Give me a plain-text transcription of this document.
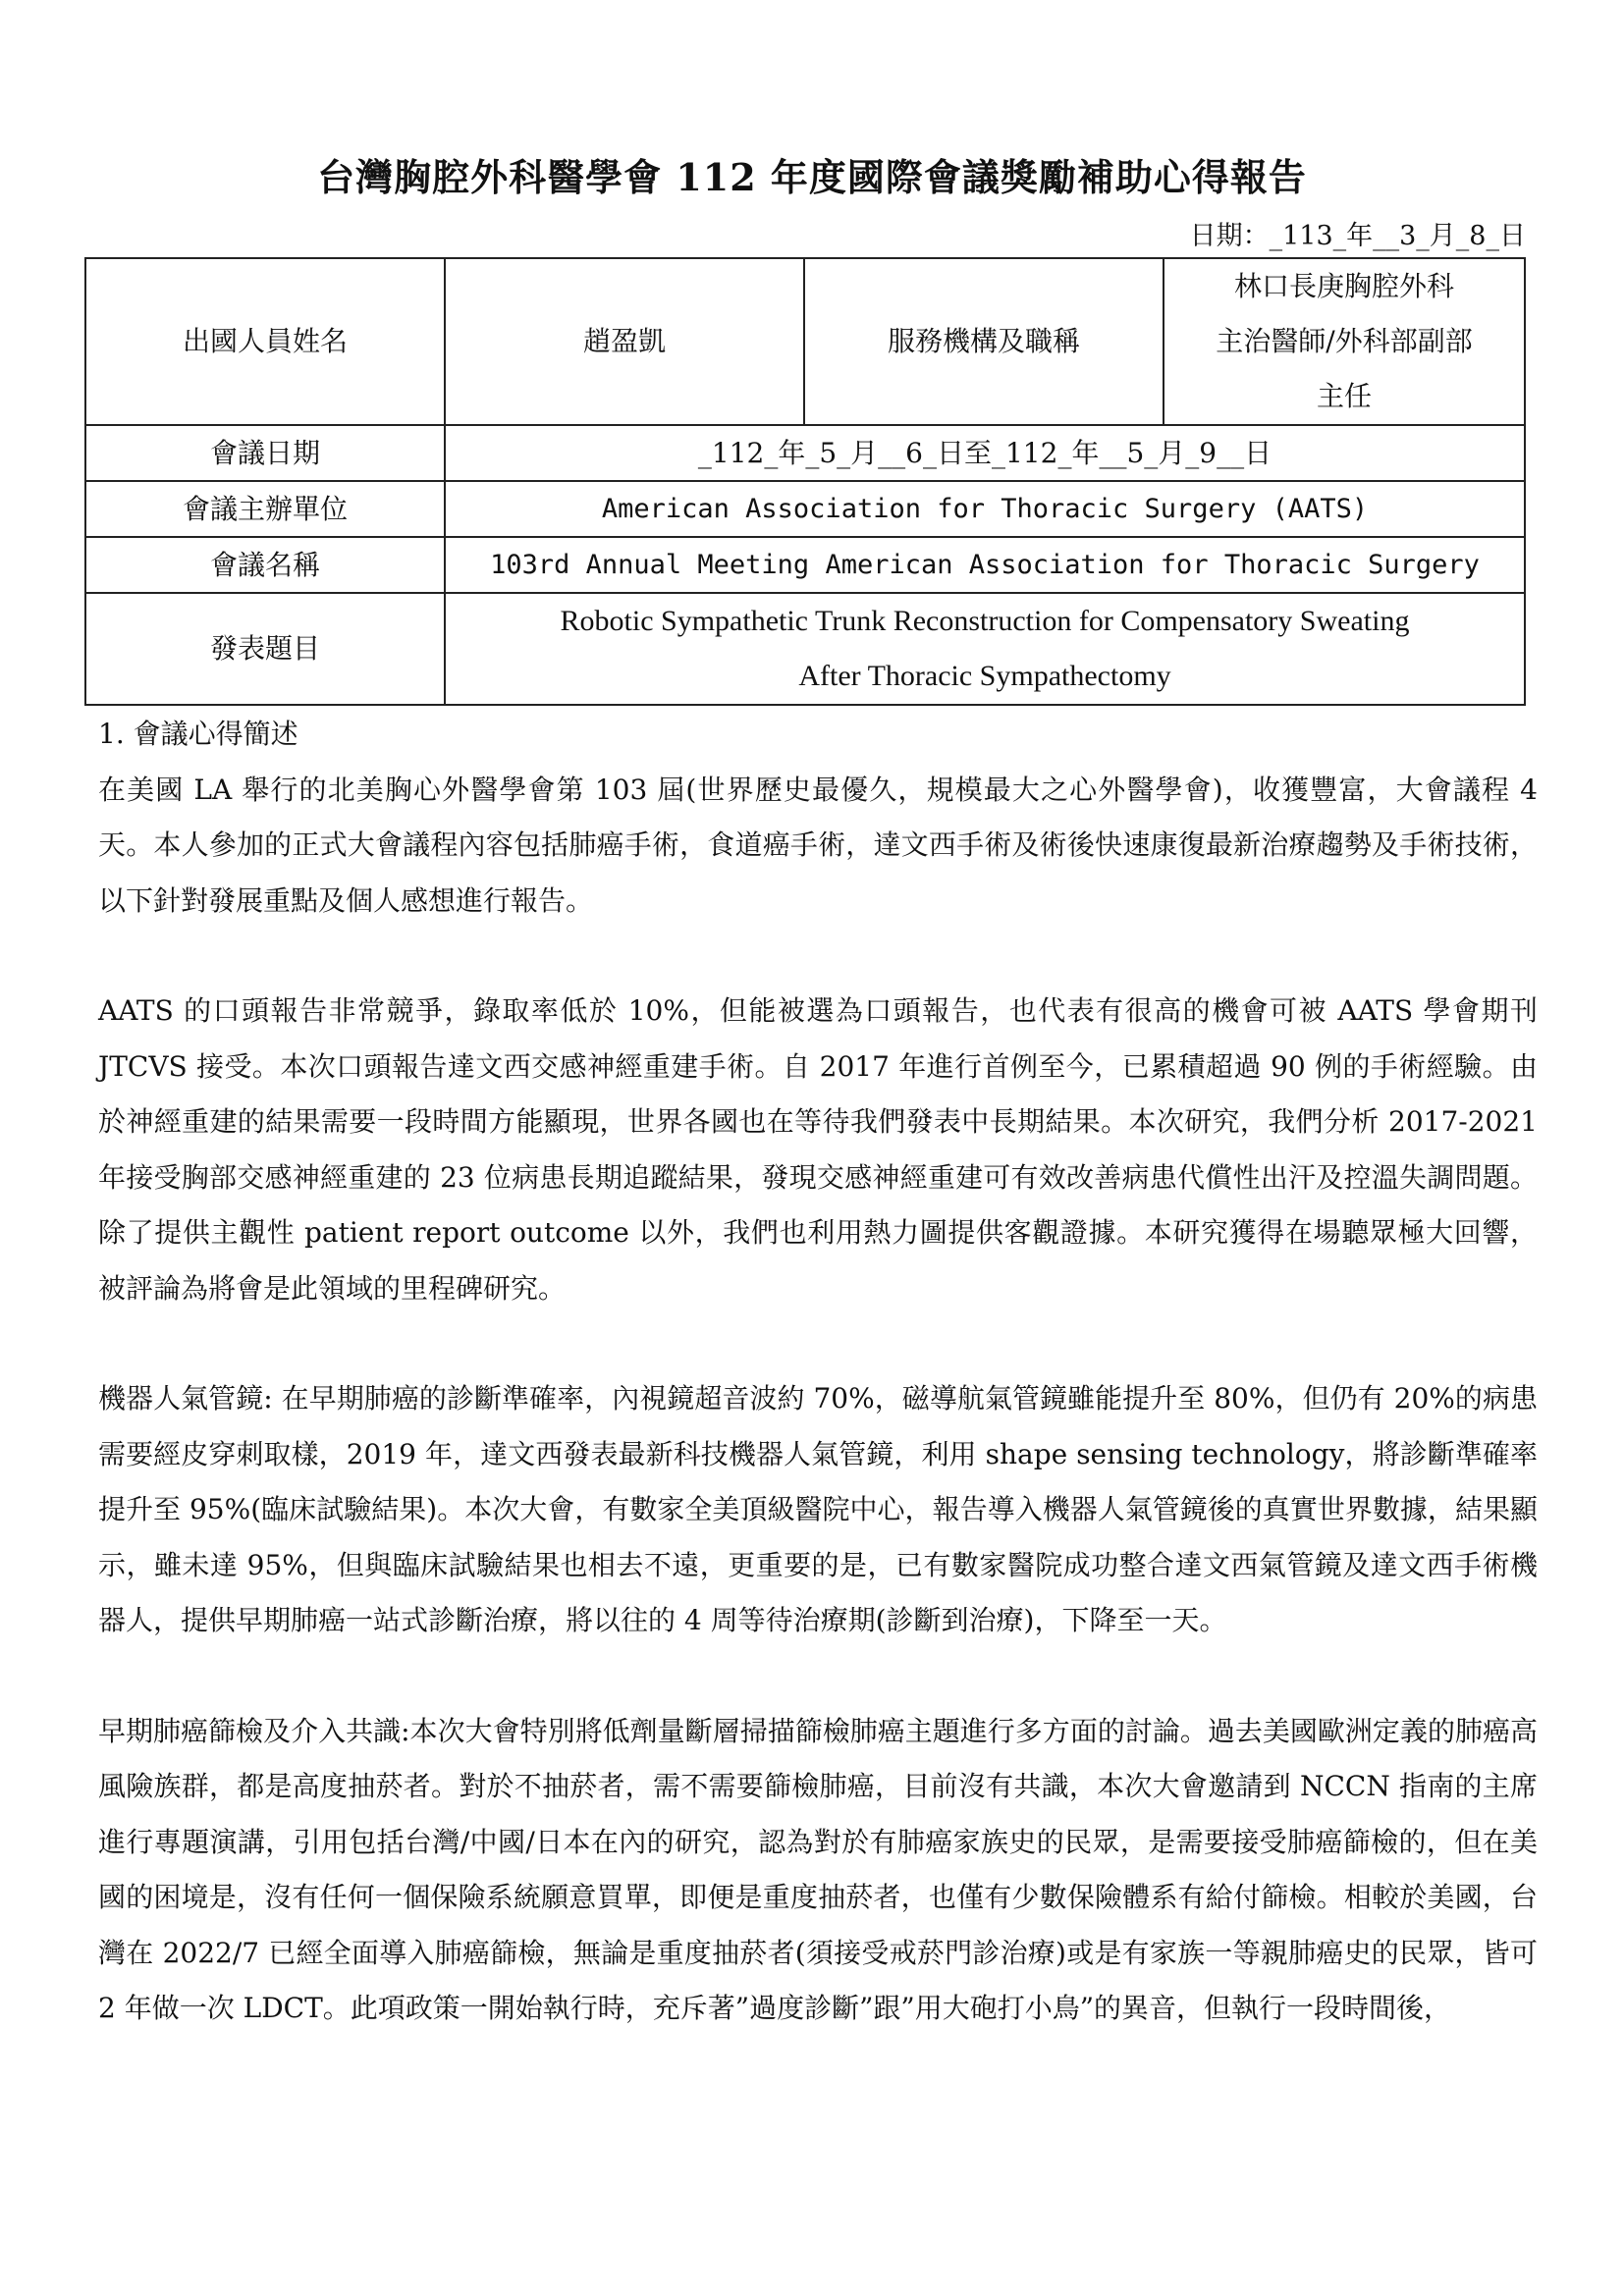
台灣胸腔外科醫學會 112 年度國際會議獎勵補助心得報告
日期：_113_年__3_月_8_日
出國人員姓名	趙盈凱	服務機構及職稱	林口長庚胸腔外科
主治醫師/外科部副部
主任

會議日期	_112_年_5_月__6_日至_112_年__5_月_9__日		
會議主辦單位	American Association for Thoracic Surgery (AATS)		
會議名稱	103rd Annual Meeting American Association for Thoracic Surgery		
發表題目	Robotic Sympathetic Trunk Reconstruction for Compensatory Sweating
After Thoracic Sympathectomy		

1. 會議心得簡述

在美國 LA 舉行的北美胸心外醫學會第 103 屆(世界歷史最優久，規模最大之心外醫學會)，收獲豐富，大會議程 4 天。本人參加的正式大會議程內容包括肺癌手術，食道癌手術，達文西手術及術後快速康復最新治療趨勢及手術技術，以下針對發展重點及個人感想進行報告。

AATS 的口頭報告非常競爭，錄取率低於 10%，但能被選為口頭報告，也代表有很高的機會可被 AATS 學會期刊 JTCVS 接受。本次口頭報告達文西交感神經重建手術。自 2017 年進行首例至今，已累積超過 90 例的手術經驗。由於神經重建的結果需要一段時間方能顯現，世界各國也在等待我們發表中長期結果。本次研究，我們分析 2017-2021 年接受胸部交感神經重建的 23 位病患長期追蹤結果，發現交感神經重建可有效改善病患代償性出汗及控溫失調問題。除了提供主觀性 patient report outcome 以外，我們也利用熱力圖提供客觀證據。本研究獲得在場聽眾極大回響，被評論為將會是此領域的里程碑研究。

機器人氣管鏡: 在早期肺癌的診斷準確率，內視鏡超音波約 70%，磁導航氣管鏡雖能提升至 80%，但仍有 20%的病患需要經皮穿刺取樣，2019 年，達文西發表最新科技機器人氣管鏡，利用 shape sensing technology，將診斷準確率提升至 95%(臨床試驗結果)。本次大會，有數家全美頂級醫院中心，報告導入機器人氣管鏡後的真實世界數據，結果顯示，雖未達 95%，但與臨床試驗結果也相去不遠，更重要的是，已有數家醫院成功整合達文西氣管鏡及達文西手術機器人，提供早期肺癌一站式診斷治療，將以往的 4 周等待治療期(診斷到治療)，下降至一天。

早期肺癌篩檢及介入共識:本次大會特別將低劑量斷層掃描篩檢肺癌主題進行多方面的討論。過去美國歐洲定義的肺癌高風險族群，都是高度抽菸者。對於不抽菸者，需不需要篩檢肺癌，目前沒有共識，本次大會邀請到 NCCN 指南的主席進行專題演講，引用包括台灣/中國/日本在內的研究，認為對於有肺癌家族史的民眾，是需要接受肺癌篩檢的，但在美國的困境是，沒有任何一個保險系統願意買單，即便是重度抽菸者，也僅有少數保險體系有給付篩檢。相較於美國，台灣在 2022/7 已經全面導入肺癌篩檢，無論是重度抽菸者(須接受戒菸門診治療)或是有家族一等親肺癌史的民眾，皆可 2 年做一次 LDCT。此項政策一開始執行時，充斥著”過度診斷”跟”用大砲打小鳥”的異音，但執行一段時間後，
